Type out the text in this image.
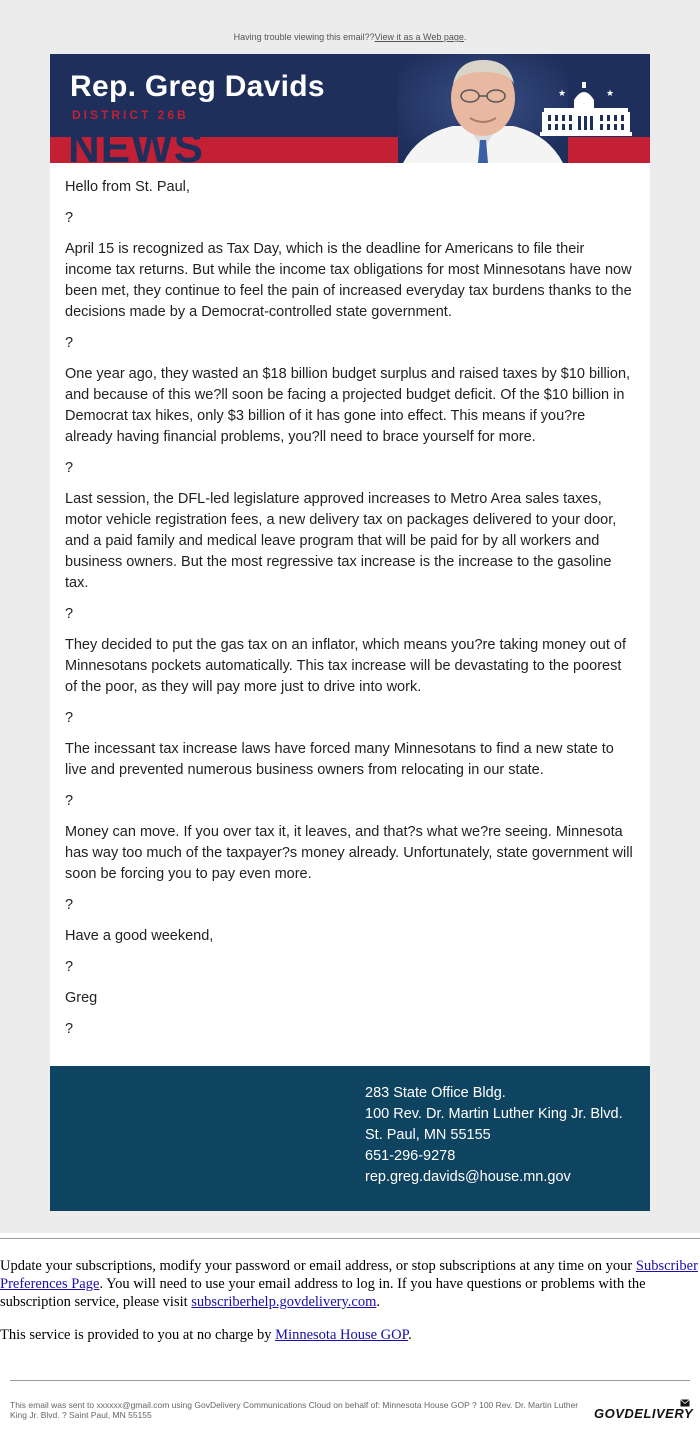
Having trouble viewing this email??View it as a Web page.
NEWS
Rep. Greg Davids
DISTRICT 26B
★	★

Hello from St. Paul,

?

April 15 is recognized as Tax Day, which is the deadline for Americans to file their income tax returns. But while the income tax obligations for most Minnesotans have now been met, they continue to feel the pain of increased everyday tax burdens thanks to the decisions made by a Democrat-controlled state government.

?

One year ago, they wasted an $18 billion budget surplus and raised taxes by $10 billion, and because of this we?ll soon be facing a projected budget deficit. Of the $10 billion in Democrat tax hikes, only $3 billion of it has gone into effect. This means if you?re already having financial problems, you?ll need to brace yourself for more.

?

Last session, the DFL-led legislature approved increases to Metro Area sales taxes, motor vehicle registration fees, a new delivery tax on packages delivered to your door, and a paid family and medical leave program that will be paid for by all workers and business owners. But the most regressive tax increase is the increase to the gasoline tax.

?

They decided to put the gas tax on an inflator, which means you?re taking money out of Minnesotans pockets automatically. This tax increase will be devastating to the poorest of the poor, as they will pay more just to drive into work.

?

The incessant tax increase laws have forced many Minnesotans to find a new state to live and prevented numerous business owners from relocating in our state.

?

Money can move. If you over tax it, it leaves, and that?s what we?re seeing. Minnesota has way too much of the taxpayer?s money already. Unfortunately, state government will soon be forcing you to pay even more.

?

Have a good weekend,

?

Greg

?

283 State Office Bldg.
100 Rev. Dr. Martin Luther King Jr. Blvd.
St. Paul, MN 55155
651-296-9278
rep.greg.davids@house.mn.gov

Update your subscriptions, modify your password or email address, or stop subscriptions at any time on your Subscriber Preferences Page. You will need to use your email address to log in. If you have questions or problems with the subscription service, please visit subscriberhelp.govdelivery.com.

This service is provided to you at no charge by Minnesota House GOP.

This email was sent to xxxxxx@gmail.com using GovDelivery Communications Cloud on behalf of: Minnesota House GOP ? 100 Rev. Dr. Martin Luther King Jr. Blvd. ? Saint Paul, MN 55155	GOVDELIVERY
